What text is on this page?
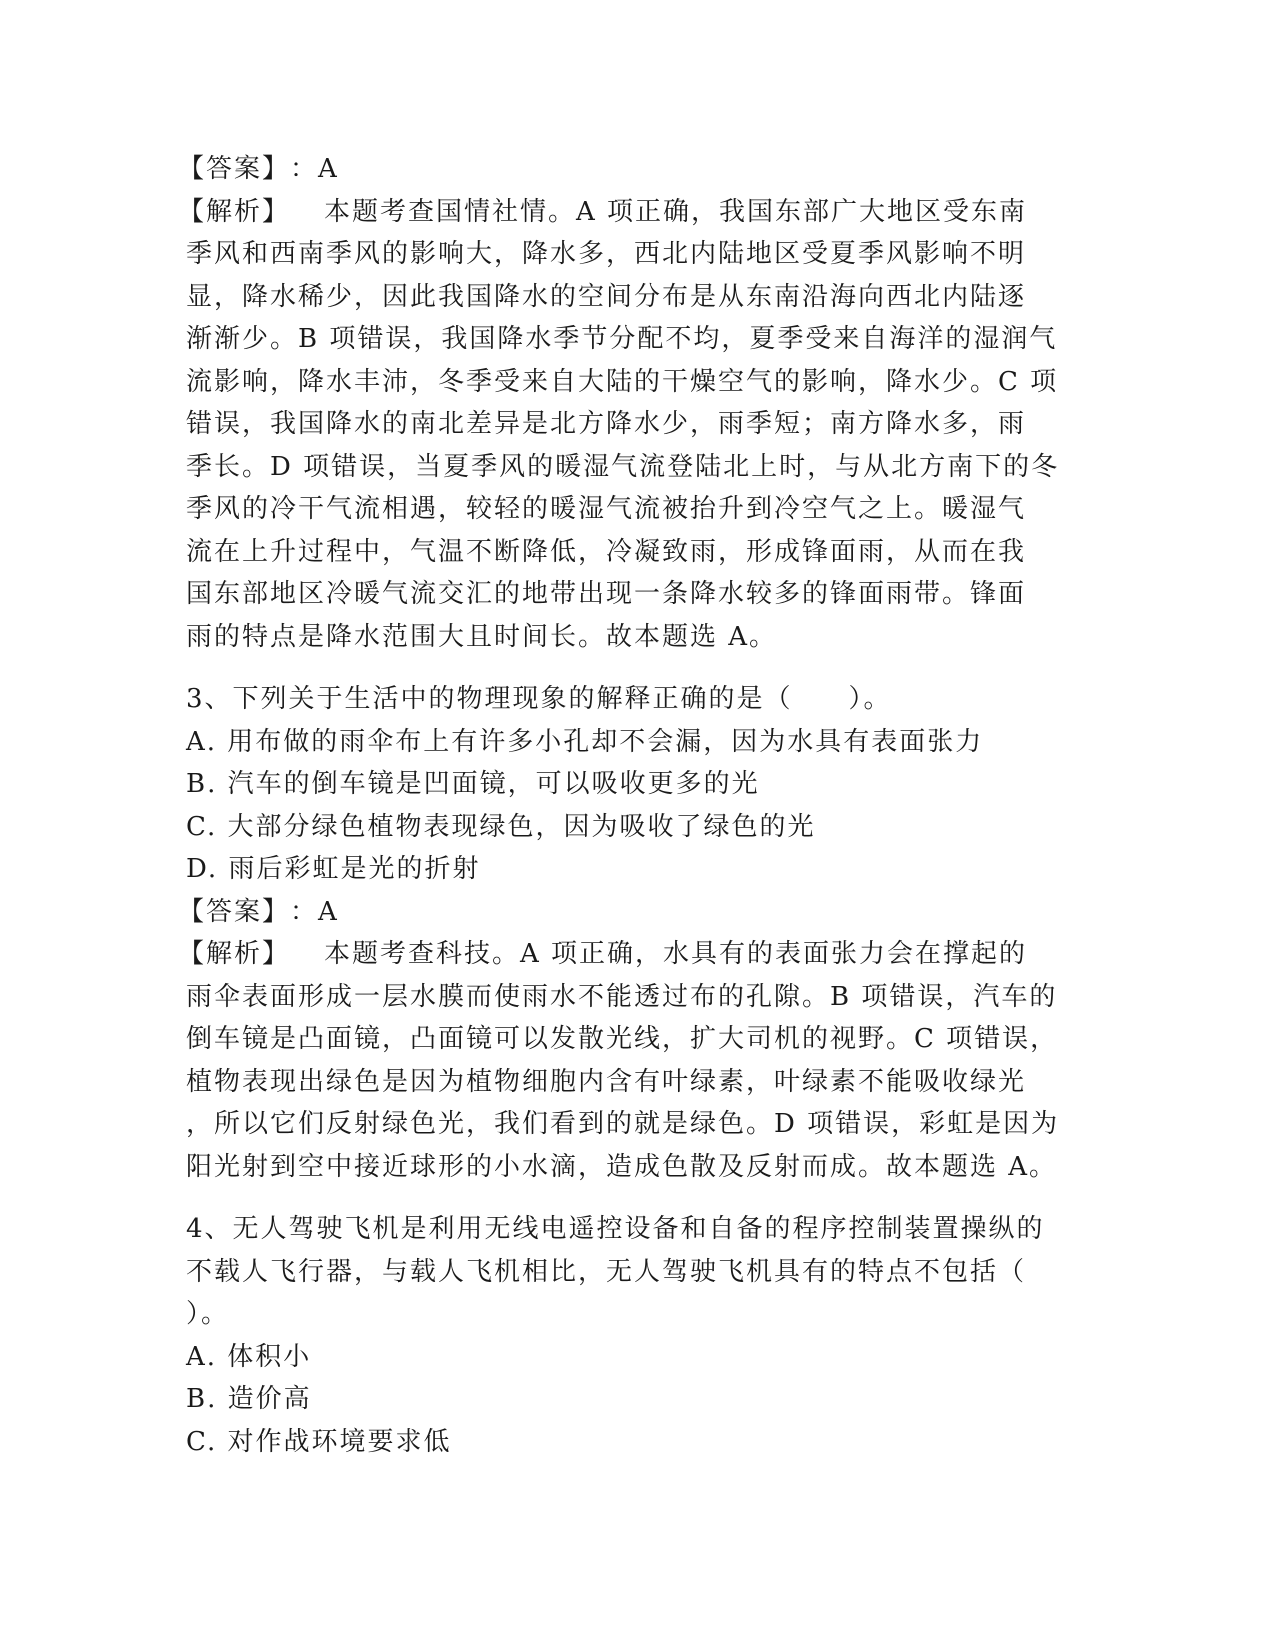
【答案】：A
【解析】 本题考查国情社情。A 项正确，我国东部广大地区受东南
季风和西南季风的影响大，降水多，西北内陆地区受夏季风影响不明
显，降水稀少，因此我国降水的空间分布是从东南沿海向西北内陆逐
渐渐少。B 项错误，我国降水季节分配不均，夏季受来自海洋的湿润气
流影响，降水丰沛，冬季受来自大陆的干燥空气的影响，降水少。C 项
错误，我国降水的南北差异是北方降水少，雨季短；南方降水多，雨
季长。D 项错误，当夏季风的暖湿气流登陆北上时，与从北方南下的冬
季风的冷干气流相遇，较轻的暖湿气流被抬升到冷空气之上。暖湿气
流在上升过程中，气温不断降低，冷凝致雨，形成锋面雨，从而在我
国东部地区冷暖气流交汇的地带出现一条降水较多的锋面雨带。锋面
雨的特点是降水范围大且时间长。故本题选 A。
3、下列关于生活中的物理现象的解释正确的是（　　）。
A. 用布做的雨伞布上有许多小孔却不会漏，因为水具有表面张力
B. 汽车的倒车镜是凹面镜，可以吸收更多的光
C. 大部分绿色植物表现绿色，因为吸收了绿色的光
D. 雨后彩虹是光的折射
【答案】：A
【解析】 本题考查科技。A 项正确，水具有的表面张力会在撑起的
雨伞表面形成一层水膜而使雨水不能透过布的孔隙。B 项错误，汽车的
倒车镜是凸面镜，凸面镜可以发散光线，扩大司机的视野。C 项错误，
植物表现出绿色是因为植物细胞内含有叶绿素，叶绿素不能吸收绿光
，所以它们反射绿色光，我们看到的就是绿色。D 项错误，彩虹是因为
阳光射到空中接近球形的小水滴，造成色散及反射而成。故本题选 A。
4、无人驾驶飞机是利用无线电遥控设备和自备的程序控制装置操纵的
不载人飞行器，与载人飞机相比，无人驾驶飞机具有的特点不包括（
）。
A. 体积小
B. 造价高
C. 对作战环境要求低
